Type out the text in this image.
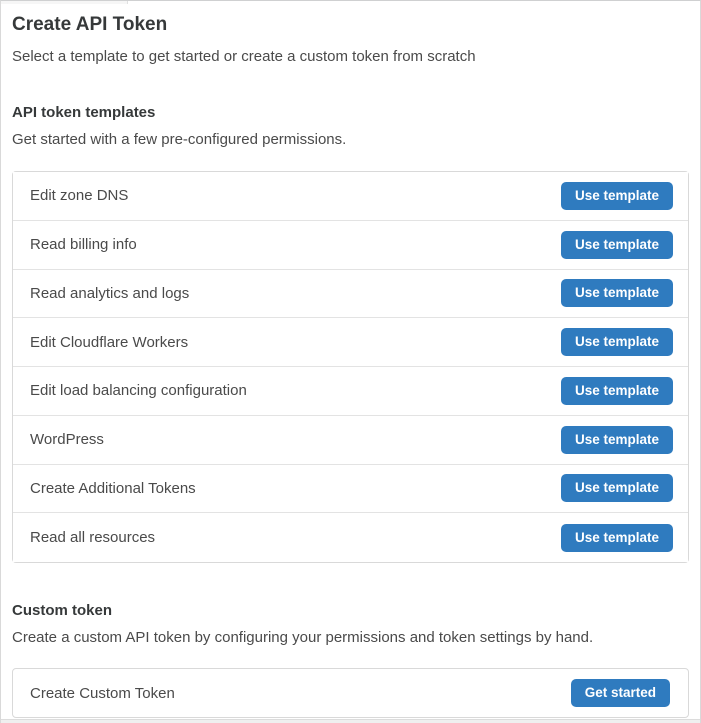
Create API Token
Select a template to get started or create a custom token from scratch
API token templates
Get started with a few pre-configured permissions.
Edit zone DNS	Use template
Read billing info	Use template
Read analytics and logs	Use template
Edit Cloudflare Workers	Use template
Edit load balancing configuration	Use template
WordPress	Use template
Create Additional Tokens	Use template
Read all resources	Use template
Custom token
Create a custom API token by configuring your permissions and token settings by hand.
Create Custom Token	Get started
